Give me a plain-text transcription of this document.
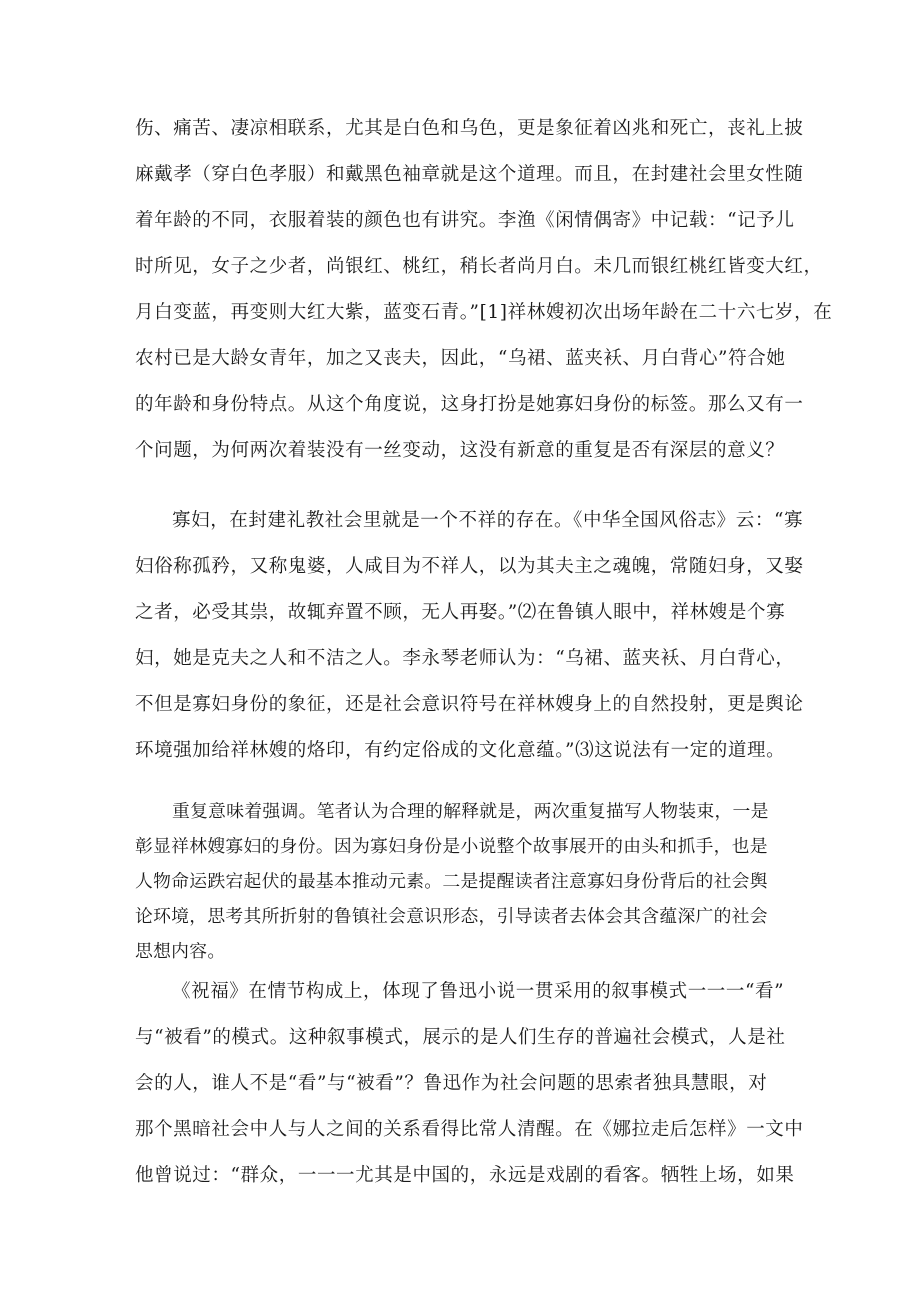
伤、痛苦、凄凉相联系，尤其是白色和乌色，更是象征着凶兆和死亡，丧礼上披
麻戴孝（穿白色孝服）和戴黑色袖章就是这个道理。而且，在封建社会里女性随
着年龄的不同，衣服着装的颜色也有讲究。李渔《闲情偶寄》中记载：“记予儿
时所见，女子之少者，尚银红、桃红，稍长者尚月白。未几而银红桃红皆变大红，
月白变蓝，再变则大红大紫，蓝变石青。”[1]祥林嫂初次出场年龄在二十六七岁，在
农村已是大龄女青年，加之又丧夫，因此，“乌裙、蓝夹袄、月白背心”符合她
的年龄和身份特点。从这个角度说，这身打扮是她寡妇身份的标签。那么又有一
个问题，为何两次着装没有一丝变动，这没有新意的重复是否有深层的意义？
寡妇，在封建礼教社会里就是一个不祥的存在。《中华全国风俗志》云：“寡
妇俗称孤矜，又称鬼婆，人咸目为不祥人，以为其夫主之魂魄，常随妇身，又娶
之者，必受其祟，故辄弃置不顾，无人再娶。”⑵在鲁镇人眼中，祥林嫂是个寡
妇，她是克夫之人和不洁之人。李永琴老师认为：“乌裙、蓝夹袄、月白背心，
不但是寡妇身份的象征，还是社会意识符号在祥林嫂身上的自然投射，更是舆论
环境强加给祥林嫂的烙印，有约定俗成的文化意蕴。”⑶这说法有一定的道理。
重复意味着强调。笔者认为合理的解释就是，两次重复描写人物装束，一是
彰显祥林嫂寡妇的身份。因为寡妇身份是小说整个故事展开的由头和抓手，也是
人物命运跌宕起伏的最基本推动元素。二是提醒读者注意寡妇身份背后的社会舆
论环境，思考其所折射的鲁镇社会意识形态，引导读者去体会其含蕴深广的社会
思想内容。
《祝福》在情节构成上，体现了鲁迅小说一贯采用的叙事模式一一一“看”
与“被看”的模式。这种叙事模式，展示的是人们生存的普遍社会模式，人是社
会的人，谁人不是“看”与“被看”？鲁迅作为社会问题的思索者独具慧眼，对
那个黑暗社会中人与人之间的关系看得比常人清醒。在《娜拉走后怎样》一文中
他曾说过：“群众，一一一尤其是中国的，永远是戏剧的看客。牺牲上场，如果
